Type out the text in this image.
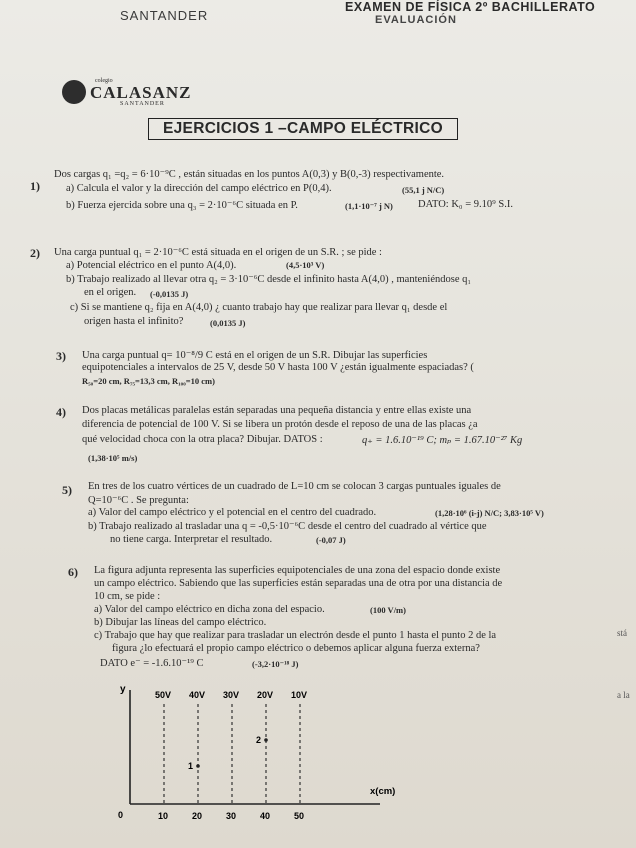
SANTANDER
EXAMEN DE FÍSICA 2º BACHILLERATO
EVALUACIÓN
colegio
CALASANZ
SANTANDER
EJERCICIOS 1 –CAMPO ELÉCTRICO
1)
Dos cargas q₁ =q₂ = 6·10⁻⁹C , están situadas en los puntos A(0,3) y B(0,-3) respectivamente.
a) Calcula el valor y la dirección del campo eléctrico en P(0,4).	(55,1 j N/C)
b) Fuerza ejercida sobre una q₃ = 2·10⁻⁶C situada en P.	(1,1·10⁻⁷ j N) DATO: K₀ = 9.10⁹ S.I.
2) Una carga puntual q₁ = 2·10⁻⁶C está situada en el origen de un S.R. ; se pide :
a) Potencial eléctrico en el punto A(4,0).	(4,5·10³ V)
b) Trabajo realizado al llevar otra q₂ = 3·10⁻⁶C desde el infinito hasta A(4,0) , manteniéndose q₁
en el origen. (-0,0135 J)
c) Si se mantiene q₂ fija en A(4,0) ¿ cuanto trabajo hay que realizar para llevar q₁ desde el
origen hasta el infinito?	(0,0135 J)
3) Una carga puntual q= 10⁻⁸/9 C está en el origen de un S.R. Dibujar las superficies
equipotenciales a intervalos de 25 V, desde 50 V hasta 100 V ¿están igualmente espaciadas? (
R₅₀=20 cm, R₇₅=13,3 cm, R₁₀₀=10 cm)
4) Dos placas metálicas paralelas están separadas una pequeña distancia y entre ellas existe una
diferencia de potencial de 100 V. Si se libera un protón desde el reposo de una de las placas ¿a
qué velocidad choca con la otra placa? Dibujar. DATOS :	q₊ = 1.6.10⁻¹⁹ C; mₚ = 1.67.10⁻²⁷ Kg
(1,38·10⁵ m/s)
5) En tres de los cuatro vértices de un cuadrado de L=10 cm se colocan 3 cargas puntuales iguales de
Q=10⁻⁶C . Se pregunta:
a) Valor del campo eléctrico y el potencial en el centro del cuadrado.	(1,28·10⁶ (i-j) N/C; 3,83·10⁵ V)
b) Trabajo realizado al trasladar una q = -0,5·10⁻⁶C desde el centro del cuadrado al vértice que
no tiene carga. Interpretar el resultado.	(-0,07 J)
6) La figura adjunta representa las superficies equipotenciales de una zona del espacio donde existe
un campo eléctrico. Sabiendo que las superficies están separadas una de otra por una distancia de
10 cm, se pide :
a) Valor del campo eléctrico en dicha zona del espacio.	(100 V/m)
b) Dibujar las líneas del campo eléctrico.
c) Trabajo que hay que realizar para trasladar un electrón desde el punto 1 hasta el punto 2 de la
figura ¿lo efectuará el propio campo eléctrico o debemos aplicar alguna fuerza externa?
DATO e⁻ = -1.6.10⁻¹⁹ C	(-3,2·10⁻¹⁸ J)
stá
a la
y
x(cm)
0
50V 40V 30V 20V 10V
10	20	30	40	50
1
2
